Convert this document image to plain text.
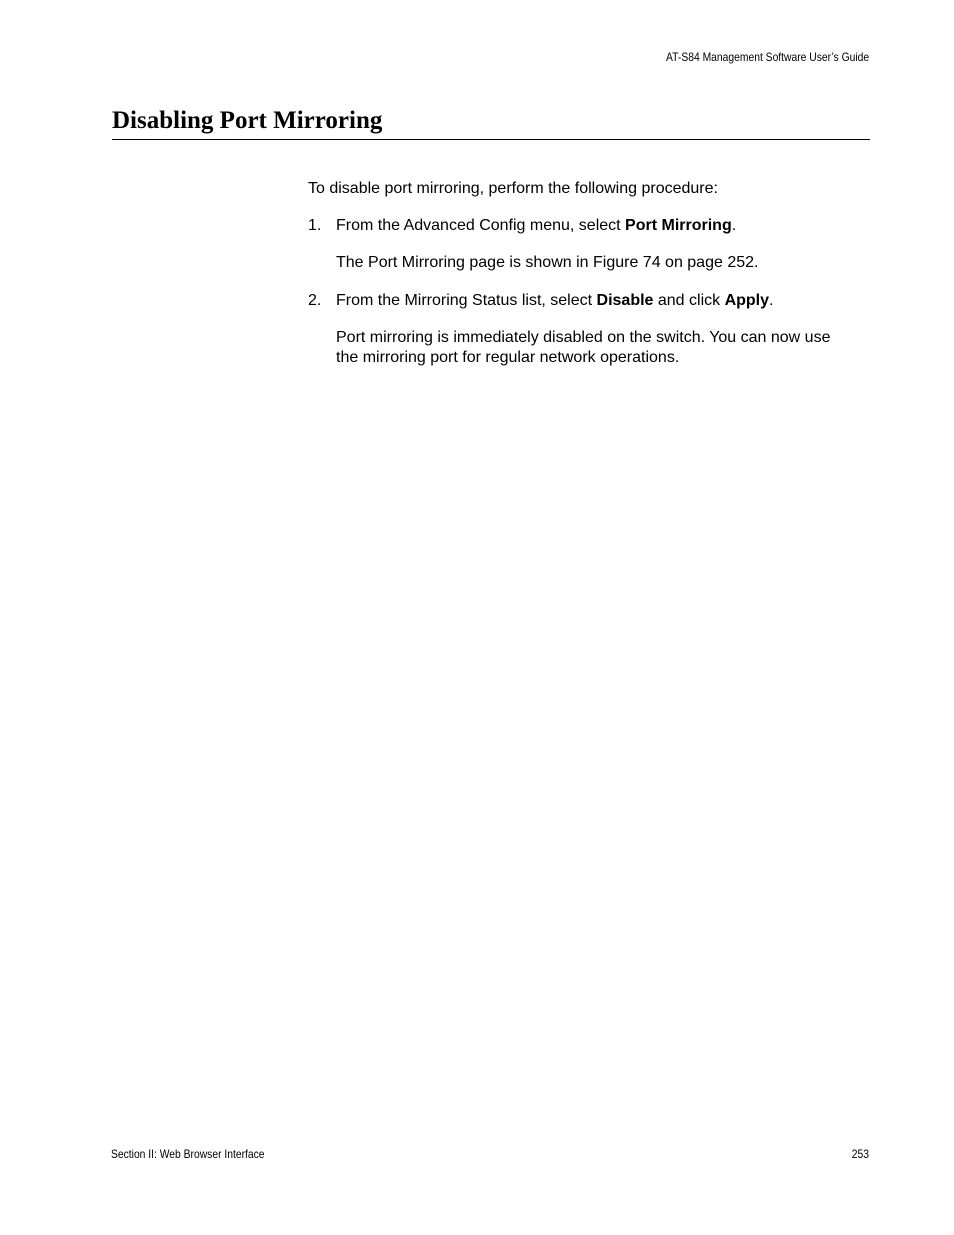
AT-S84 Management Software User’s Guide
Disabling Port Mirroring
To disable port mirroring, perform the following procedure:
1. From the Advanced Config menu, select Port Mirroring.
The Port Mirroring page is shown in Figure 74 on page 252.
2. From the Mirroring Status list, select Disable and click Apply.
Port mirroring is immediately disabled on the switch. You can now use
the mirroring port for regular network operations.
Section II: Web Browser Interface	253
